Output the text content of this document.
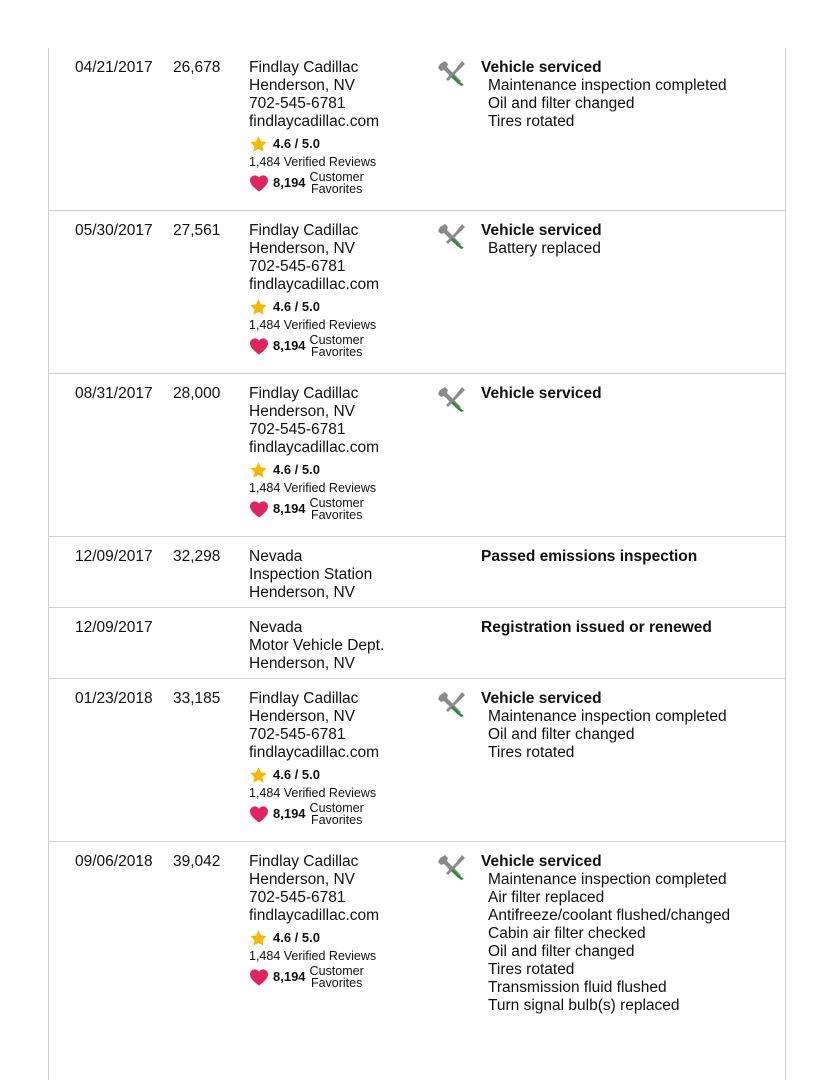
04/21/2017 26,678 Findlay Cadillac
Henderson, NV
702-545-6781
findlaycadillac.com
4.6 / 5.0
1,484 Verified Reviews
8,194 Customer
Favorites
Vehicle serviced
Maintenance inspection completed
Oil and filter changed
Tires rotated
05/30/2017 27,561 Findlay Cadillac
Henderson, NV
702-545-6781
findlaycadillac.com
4.6 / 5.0
1,484 Verified Reviews
8,194 Customer
Favorites
Vehicle serviced
Battery replaced
08/31/2017 28,000 Findlay Cadillac
Henderson, NV
702-545-6781
findlaycadillac.com
4.6 / 5.0
1,484 Verified Reviews
8,194 Customer
Favorites
Vehicle serviced
12/09/2017 32,298 Nevada
Inspection Station
Henderson, NV
Passed emissions inspection
12/09/2017	Nevada
Motor Vehicle Dept.
Henderson, NV
Registration issued or renewed
01/23/2018 33,185 Findlay Cadillac
Henderson, NV
702-545-6781
findlaycadillac.com
4.6 / 5.0
1,484 Verified Reviews
8,194 Customer
Favorites
Vehicle serviced
Maintenance inspection completed
Oil and filter changed
Tires rotated
09/06/2018 39,042 Findlay Cadillac
Henderson, NV
702-545-6781
findlaycadillac.com
4.6 / 5.0
1,484 Verified Reviews
8,194 Customer
Favorites
Vehicle serviced
Maintenance inspection completed
Air filter replaced
Antifreeze/coolant flushed/changed
Cabin air filter checked
Oil and filter changed
Tires rotated
Transmission fluid flushed
Turn signal bulb(s) replaced
